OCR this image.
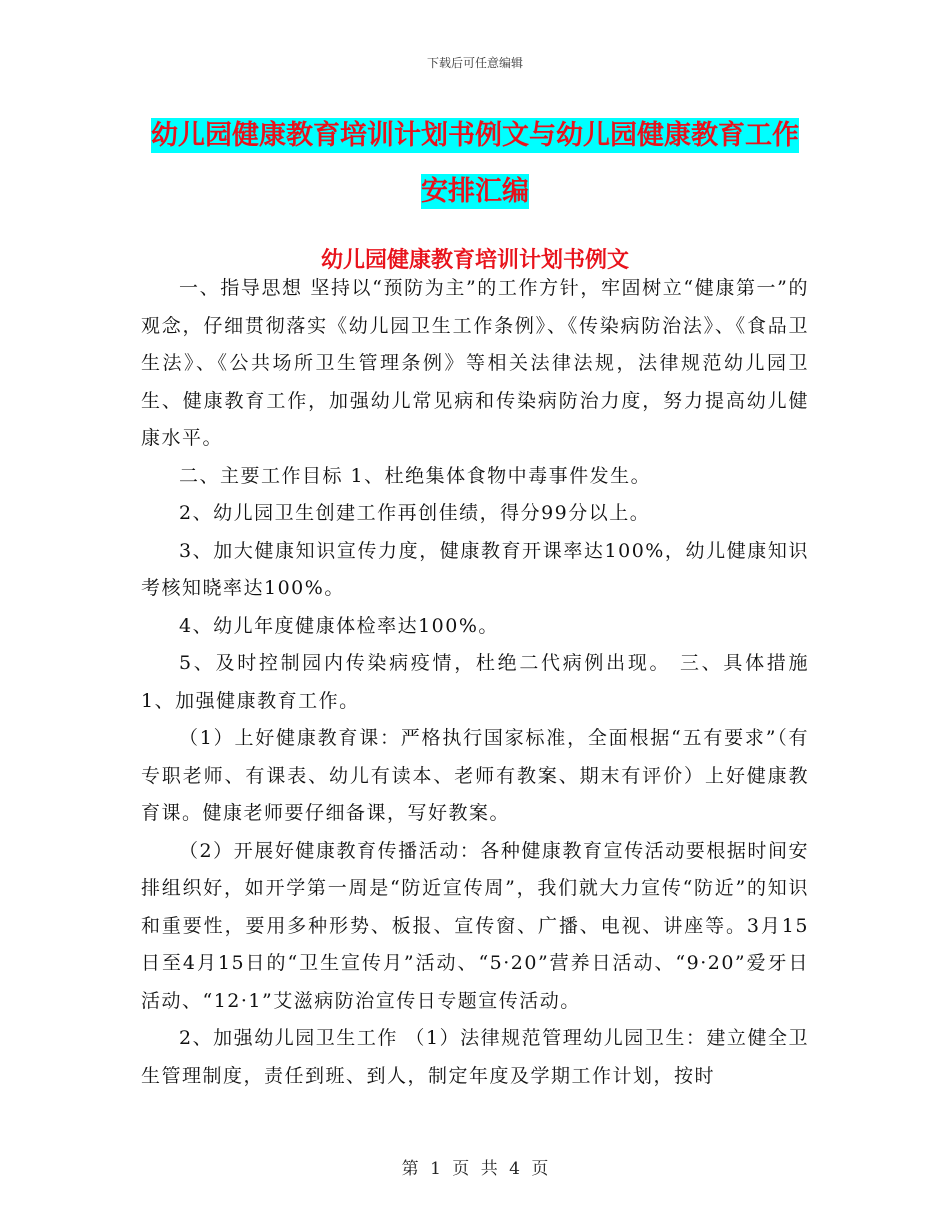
下载后可任意编辑
幼儿园健康教育培训计划书例文与幼儿园健康教育工作安排汇编
幼儿园健康教育培训计划书例文

一、指导思想 坚持以“预防为主”的工作方针，牢固树立“健康第一”的观念，仔细贯彻落实《幼儿园卫生工作条例》、《传染病防治法》、《食品卫生法》、《公共场所卫生管理条例》等相关法律法规，法律规范幼儿园卫生、健康教育工作，加强幼儿常见病和传染病防治力度，努力提高幼儿健康水平。

二、主要工作目标 1、杜绝集体食物中毒事件发生。

2、幼儿园卫生创建工作再创佳绩，得分99分以上。

3、加大健康知识宣传力度，健康教育开课率达100%，幼儿健康知识考核知晓率达100%。

4、幼儿年度健康体检率达100%。

5、及时控制园内传染病疫情，杜绝二代病例出现。 三、具体措施 1、加强健康教育工作。

（1）上好健康教育课：严格执行国家标准，全面根据“五有要求”（有专职老师、有课表、幼儿有读本、老师有教案、期末有评价）上好健康教育课。健康老师要仔细备课，写好教案。

（2）开展好健康教育传播活动：各种健康教育宣传活动要根据时间安排组织好，如开学第一周是“防近宣传周”，我们就大力宣传“防近”的知识和重要性，要用多种形势、板报、宣传窗、广播、电视、讲座等。3月15日至4月15日的“卫生宣传月”活动、“5·20”营养日活动、“9·20”爱牙日活动、“12·1”艾滋病防治宣传日专题宣传活动。

2、加强幼儿园卫生工作 （1）法律规范管理幼儿园卫生：建立健全卫生管理制度，责任到班、到人，制定年度及学期工作计划，按时

第 1 页 共 4 页
